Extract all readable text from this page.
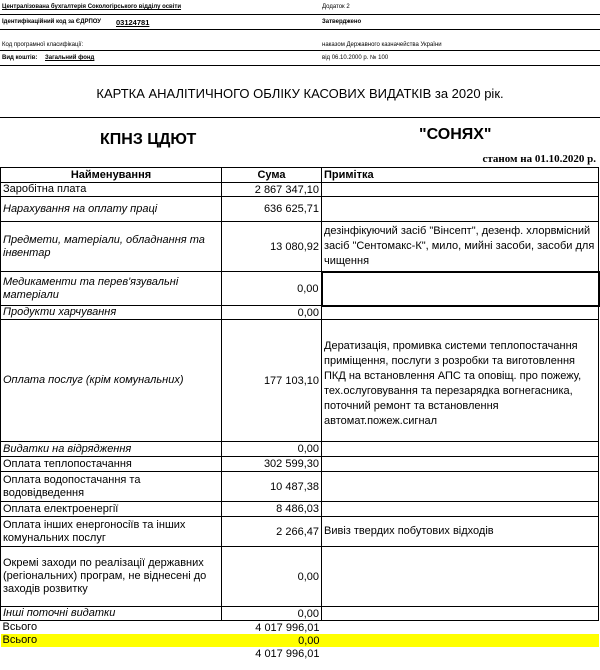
Централізована бухгалтерія Сокологірського відділу освіти	Додаток 2
Ідентифікаційний код за ЄДРПОУ 03124781	Затверджено
Код програмної класифікації:	наказом Державного казначейства України
Вид коштів: Загальний фонд	від 06.10.2000 р. № 100
КАРТКА АНАЛІТИЧНОГО ОБЛІКУ КАСОВИХ ВИДАТКІВ за 2020 рік.
КПНЗ ЦДЮТ	"СОНЯХ"
станом на 01.10.2020 р.
Найменування	Сума	Примітка
Заробітна плата	2 867 347,10	
Нарахування на оплату праці	636 625,71	
Предмети, матеріали, обладнання та інвентар	13 080,92	дезінфікуючий засіб "Вінсепт", дезенф. хлорвмісний засіб "Сентомакс-К", мило, мийні засоби, засоби для чищення
Медикаменти та перев'язувальні матеріали	0,00	
Продукти харчування	0,00	
Оплата послуг (крім комунальних)	177 103,10	Дератизація, промивка системи теплопостачання приміщення, послуги з розробки та виготовлення ПКД на встановлення АПС та оповіщ. про пожежу, тех.ослуговування та перезарядка вогнегасника, поточний ремонт та встановлення автомат.пожеж.сигнал
Видатки на відрядження	0,00	
Оплата теплопостачання	302 599,30	
Оплата водопостачання та водовідведення	10 487,38	
Оплата електроенергії	8 486,03	
Оплата інших енергоносіїв та інших комунальних послуг	2 266,47	Вивіз твердих побутових відходів
Окремі заходи по реалізації державних (регіональних) програм, не віднесені до заходів розвитку	0,00	
Інші поточні видатки	0,00	
Всього	4 017 996,01	
Всього	0,00	
	4 017 996,01	
